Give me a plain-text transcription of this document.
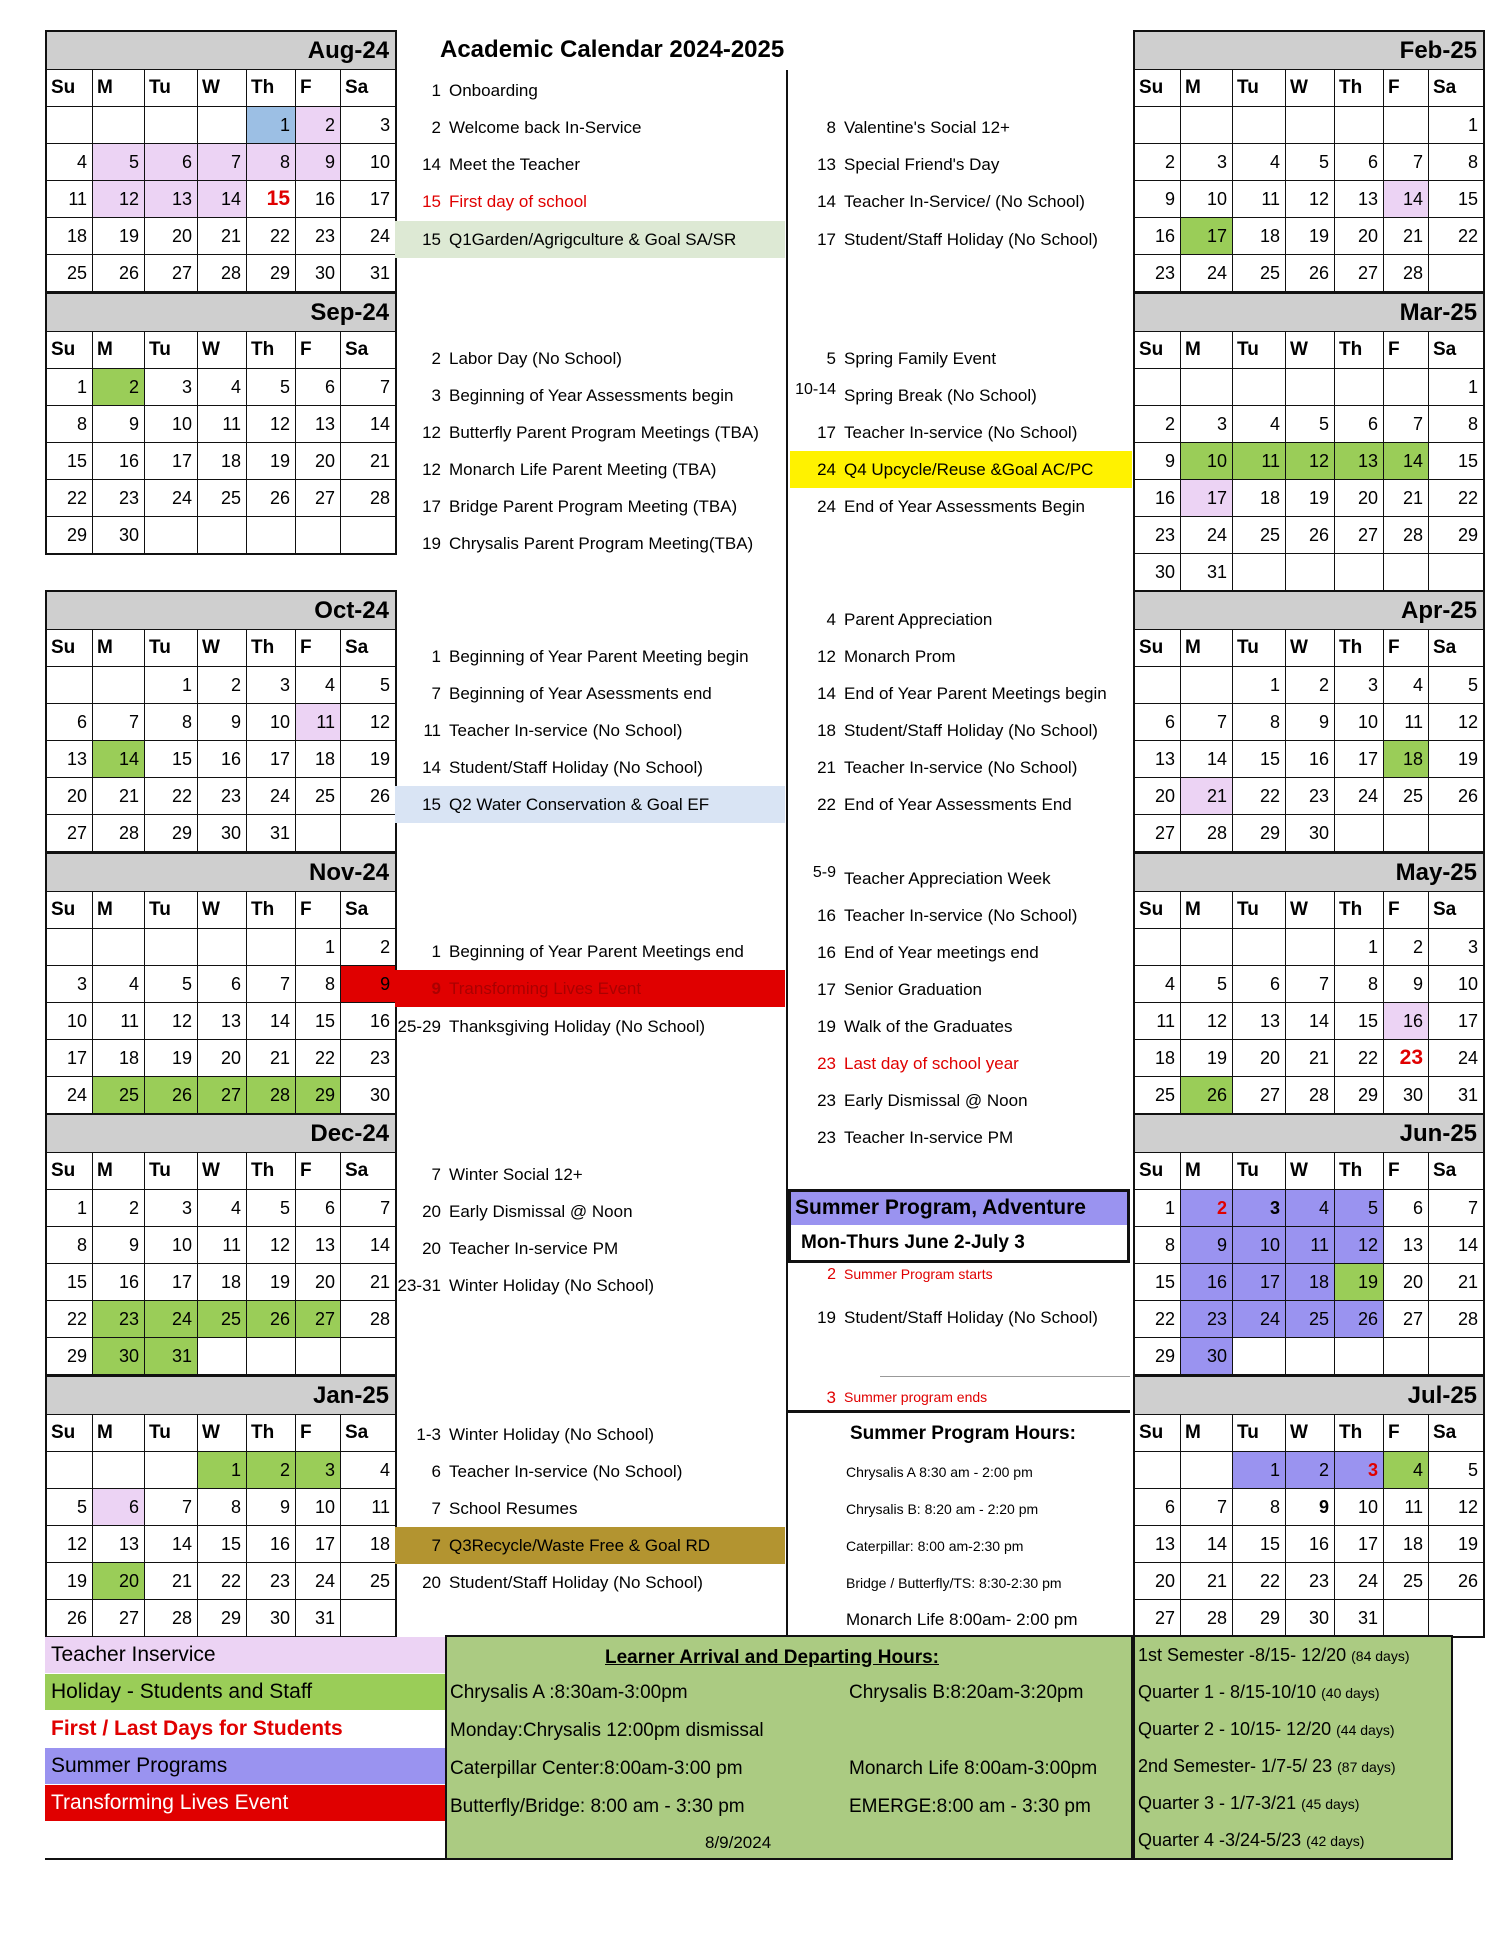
Academic Calendar 2024-2025
Aug-24						
Su	M	Tu	W	Th	F	Sa
				1	2	3
4	5	6	7	8	9	10
11	12	13	14	15	16	17
18	19	20	21	22	23	24
25	26	27	28	29	30	31
Sep-24						
Su	M	Tu	W	Th	F	Sa
1	2	3	4	5	6	7
8	9	10	11	12	13	14
15	16	17	18	19	20	21
22	23	24	25	26	27	28
29	30					
Oct-24						
Su	M	Tu	W	Th	F	Sa
		1	2	3	4	5
6	7	8	9	10	11	12
13	14	15	16	17	18	19
20	21	22	23	24	25	26
27	28	29	30	31		
Nov-24						
Su	M	Tu	W	Th	F	Sa
					1	2
3	4	5	6	7	8	9
10	11	12	13	14	15	16
17	18	19	20	21	22	23
24	25	26	27	28	29	30
Dec-24						
Su	M	Tu	W	Th	F	Sa
1	2	3	4	5	6	7
8	9	10	11	12	13	14
15	16	17	18	19	20	21
22	23	24	25	26	27	28
29	30	31				
Jan-25						
Su	M	Tu	W	Th	F	Sa
			1	2	3	4
5	6	7	8	9	10	11
12	13	14	15	16	17	18
19	20	21	22	23	24	25
26	27	28	29	30	31	
Feb-25						
Su	M	Tu	W	Th	F	Sa
						1
2	3	4	5	6	7	8
9	10	11	12	13	14	15
16	17	18	19	20	21	22
23	24	25	26	27	28	
Mar-25						
Su	M	Tu	W	Th	F	Sa
						1
2	3	4	5	6	7	8
9	10	11	12	13	14	15
16	17	18	19	20	21	22
23	24	25	26	27	28	29
30	31					
Apr-25						
Su	M	Tu	W	Th	F	Sa
		1	2	3	4	5
6	7	8	9	10	11	12
13	14	15	16	17	18	19
20	21	22	23	24	25	26
27	28	29	30			
May-25						
Su	M	Tu	W	Th	F	Sa
				1	2	3
4	5	6	7	8	9	10
11	12	13	14	15	16	17
18	19	20	21	22	23	24
25	26	27	28	29	30	31
Jun-25						
Su	M	Tu	W	Th	F	Sa
1	2	3	4	5	6	7
8	9	10	11	12	13	14
15	16	17	18	19	20	21
22	23	24	25	26	27	28
29	30					
Jul-25						
Su	M	Tu	W	Th	F	Sa
		1	2	3	4	5
6	7	8	9	10	11	12
13	14	15	16	17	18	19
20	21	22	23	24	25	26
27	28	29	30	31		
1 Onboarding
2 Welcome back In-Service
14 Meet the Teacher
15 First day of school
15 Q1Garden/Agrigculture & Goal SA/SR
2 Labor Day (No School)
3 Beginning of Year Assessments begin
12 Butterfly Parent Program Meetings (TBA)
12 Monarch Life Parent Meeting (TBA)
17 Bridge Parent Program Meeting (TBA)
19 Chrysalis Parent Program Meeting(TBA)
1 Beginning of Year Parent Meeting begin
7 Beginning of Year Asessments end
11 Teacher In-service (No School)
14 Student/Staff Holiday (No School)
15 Q2 Water Conservation & Goal EF
1 Beginning of Year Parent Meetings end
9 Transforming Lives Event
25-29 Thanksgiving Holiday (No School)
7 Winter Social 12+
20 Early Dismissal @ Noon
20 Teacher In-service PM
23-31 Winter Holiday (No School)
1-3 Winter Holiday (No School)
6 Teacher In-service (No School)
7 School Resumes
7 Q3Recycle/Waste Free & Goal RD
20 Student/Staff Holiday (No School)
8 Valentine's Social 12+
13 Special Friend's Day
14 Teacher In-Service/ (No School)
17 Student/Staff Holiday (No School)
5 Spring Family Event
10-14 Spring Break (No School)
17 Teacher In-service (No School)
24 Q4 Upcycle/Reuse &Goal AC/PC
24 End of Year Assessments Begin
4 Parent Appreciation
12 Monarch Prom
14 End of Year Parent Meetings begin
18 Student/Staff Holiday (No School)
21 Teacher In-service (No School)
22 End of Year Assessments End
5-9 Teacher Appreciation Week
16 Teacher In-service (No School)
16 End of Year meetings end
17 Senior Graduation
19 Walk of the Graduates
23 Last day of school year
23 Early Dismissal @ Noon
23 Teacher In-service PM
2 Summer Program starts
19 Student/Staff Holiday (No School)
3 Summer program ends
Summer Program, Adventure
Mon-Thurs June 2-July 3
Summer Program Hours:
Chrysalis A 8:30 am - 2:00 pm
Chrysalis B: 8:20 am - 2:20 pm
Caterpillar: 8:00 am-2:30 pm
Bridge / Butterfly/TS: 8:30-2:30 pm
Monarch Life 8:00am- 2:00 pm
Teacher Inservice
Holiday - Students and Staff
First / Last Days for Students
Summer Programs
Transforming Lives Event
Learner Arrival and Departing Hours:
Chrysalis A :8:30am-3:00pm	Chrysalis B:8:20am-3:20pm
Monday:Chrysalis 12:00pm dismissal
Caterpillar Center:8:00am-3:00 pm	Monarch Life 8:00am-3:00pm
Butterfly/Bridge: 8:00 am - 3:30 pm	EMERGE:8:00 am - 3:30 pm
8/9/2024
1st Semester -8/15- 12/20 (84 days)
Quarter 1 - 8/15-10/10 (40 days)
Quarter 2 - 10/15- 12/20 (44 days)
2nd Semester- 1/7-5/ 23 (87 days)
Quarter 3 - 1/7-3/21 (45 days)
Quarter 4 -3/24-5/23 (42 days)
